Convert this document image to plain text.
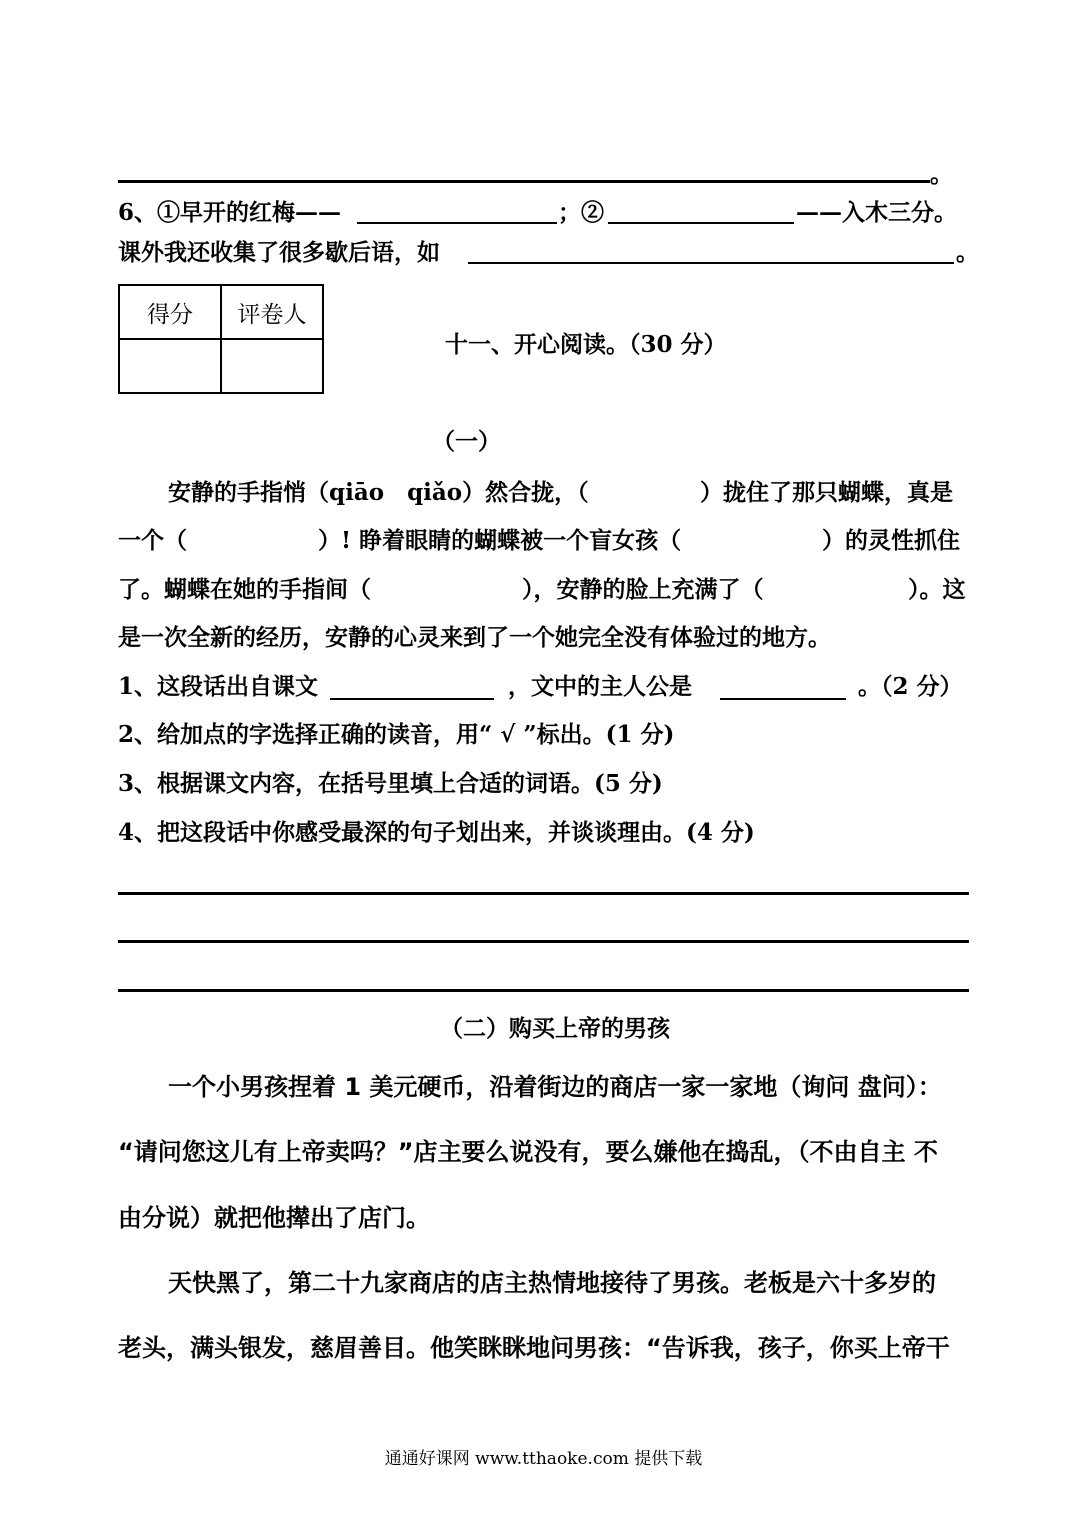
。
6、①早开的红梅——	；②	——入木三分。
课外我还收集了很多歇后语，如	。
得分	评卷人

十一、开心阅读。（30 分）
（一）
安静的手指悄（qiāo　qiǎo）然合拢，（	）拢住了那只蝴蝶，真是
一个（	）! 睁着眼睛的蝴蝶被一个盲女孩（	）的灵性抓住
了。蝴蝶在她的手指间（	），安静的脸上充满了（	）。这
是一次全新的经历，安静的心灵来到了一个她完全没有体验过的地方。
1、这段话出自课文	，文中的主人公是	。（2 分）
2、给加点的字选择正确的读音，用“ √ ”标出。(1 分)
3、根据课文内容，在括号里填上合适的词语。(5 分)
4、把这段话中你感受最深的句子划出来，并谈谈理由。(4 分)
（二）购买上帝的男孩
一个小男孩捏着 1 美元硬币，沿着街边的商店一家一家地（询问 盘问）：
“请问您这儿有上帝卖吗？”店主要么说没有，要么嫌他在捣乱，（不由自主 不
由分说）就把他撵出了店门。
天快黑了，第二十九家商店的店主热情地接待了男孩。老板是六十多岁的
老头，满头银发，慈眉善目。他笑眯眯地问男孩：“告诉我，孩子，你买上帝干
通通好课网 www.tthaoke.com 提供下载
